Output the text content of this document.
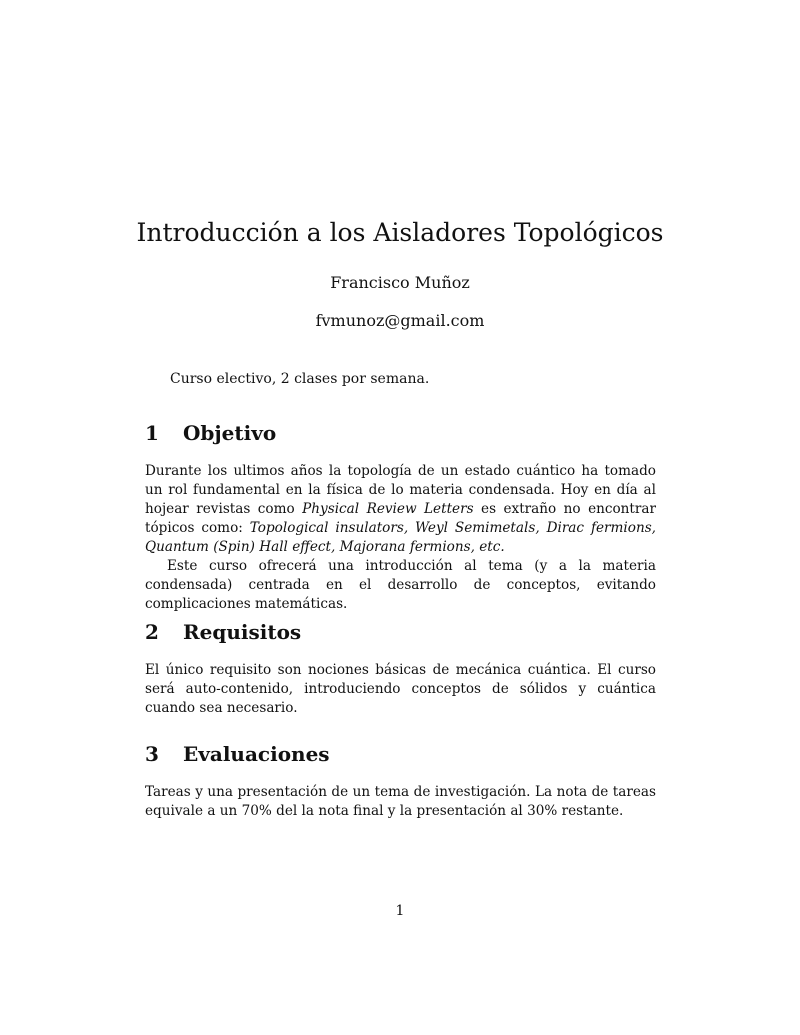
Introducción a los Aisladores Topológicos
Francisco Muñoz
fvmunoz@gmail.com
Curso electivo, 2 clases por semana.
1 Objetivo

Durante los ultimos años la topología de un estado cuántico ha tomado un rol fundamental en la física de lo materia condensada. Hoy en día al hojear revistas como Physical Review Letters es extraño no encontrar tópicos como: Topological insulators, Weyl Semimetals, Dirac fermions, Quantum (Spin) Hall effect, Majorana fermions, etc.

Este curso ofrecerá una introducción al tema (y a la materia condensada) centrada en el desarrollo de conceptos, evitando complicaciones matemáticas.

2 Requisitos

El único requisito son nociones básicas de mecánica cuántica. El curso será auto-contenido, introduciendo conceptos de sólidos y cuántica cuando sea necesario.

3 Evaluaciones

Tareas y una presentación de un tema de investigación. La nota de tareas equivale a un 70% del la nota final y la presentación al 30% restante.

1
